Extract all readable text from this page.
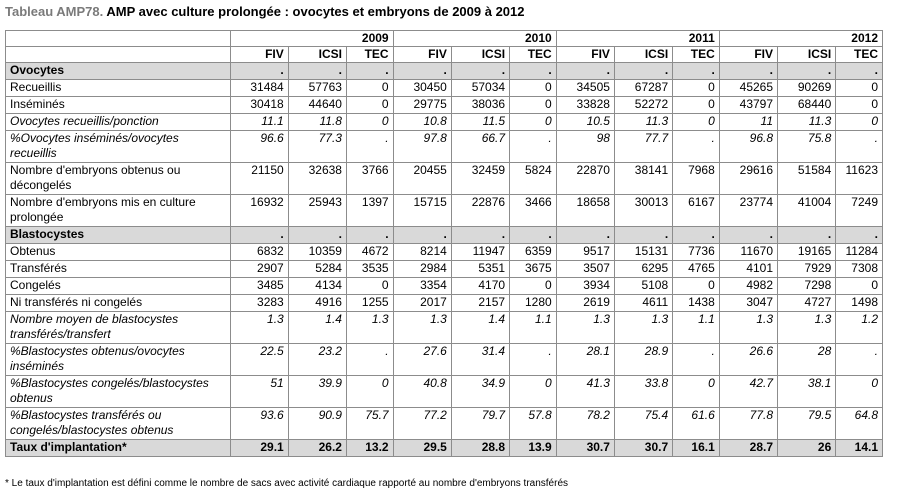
Tableau AMP78. AMP avec culture prolongée : ovocytes et embryons de 2009 à 2012
	2009			2010			2011			2012		
	FIV	ICSI	TEC	FIV	ICSI	TEC	FIV	ICSI	TEC	FIV	ICSI	TEC
Ovocytes	.	.	.	.	.	.	.	.	.	.	.	.
Recueillis	31484	57763	0	30450	57034	0	34505	67287	0	45265	90269	0
Inséminés	30418	44640	0	29775	38036	0	33828	52272	0	43797	68440	0
Ovocytes recueillis/ponction	11.1	11.8	0	10.8	11.5	0	10.5	11.3	0	11	11.3	0
%Ovocytes inséminés/ovocytes recueillis	96.6	77.3	.	97.8	66.7	.	98	77.7	.	96.8	75.8	.
Nombre d'embryons obtenus ou décongelés	21150	32638	3766	20455	32459	5824	22870	38141	7968	29616	51584	11623
Nombre d'embryons mis en culture prolongée	16932	25943	1397	15715	22876	3466	18658	30013	6167	23774	41004	7249
Blastocystes	.	.	.	.	.	.	.	.	.	.	.	.
Obtenus	6832	10359	4672	8214	11947	6359	9517	15131	7736	11670	19165	11284
Transférés	2907	5284	3535	2984	5351	3675	3507	6295	4765	4101	7929	7308
Congelés	3485	4134	0	3354	4170	0	3934	5108	0	4982	7298	0
Ni transférés ni congelés	3283	4916	1255	2017	2157	1280	2619	4611	1438	3047	4727	1498
Nombre moyen de blastocystes transférés/transfert	1.3	1.4	1.3	1.3	1.4	1.1	1.3	1.3	1.1	1.3	1.3	1.2
%Blastocystes obtenus/ovocytes inséminés	22.5	23.2	.	27.6	31.4	.	28.1	28.9	.	26.6	28	.
%Blastocystes congelés/blastocystes obtenus	51	39.9	0	40.8	34.9	0	41.3	33.8	0	42.7	38.1	0
%Blastocystes transférés ou congelés/blastocystes obtenus	93.6	90.9	75.7	77.2	79.7	57.8	78.2	75.4	61.6	77.8	79.5	64.8
Taux d'implantation*	29.1	26.2	13.2	29.5	28.8	13.9	30.7	30.7	16.1	28.7	26	14.1
* Le taux d'implantation est défini comme le nombre de sacs avec activité cardiaque rapporté au nombre d'embryons transférés
